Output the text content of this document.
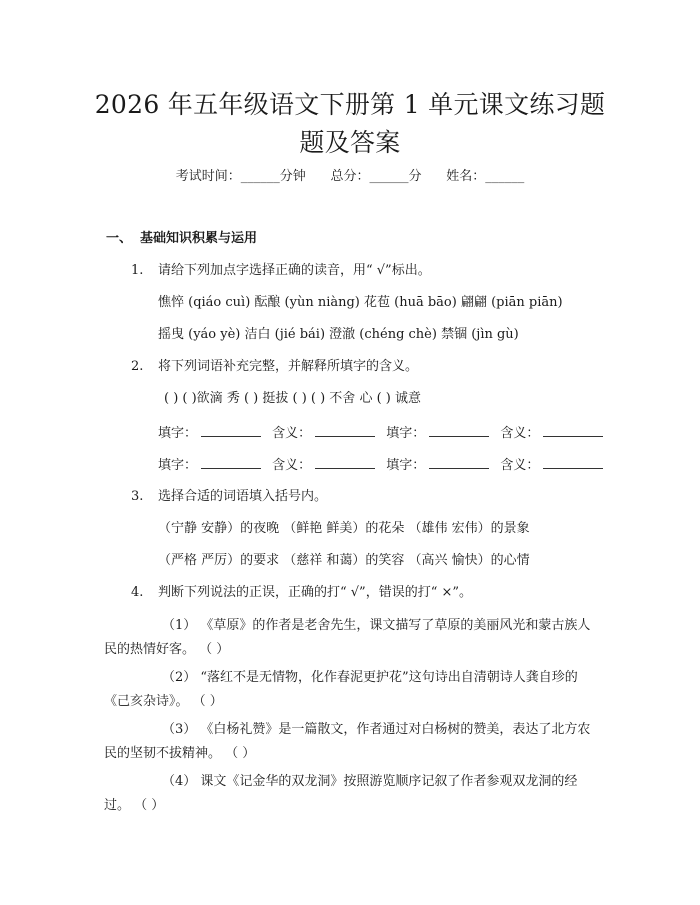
2026 年五年级语文下册第 1 单元课文练习题
题及答案
考试时间：______分钟      总分：______分      姓名：______
一、 基础知识积累与运用
1. 请给下列加点字选择正确的读音，用“ √”标出。
憔悴 (qiáo cuì) 酝酿 (yùn niàng) 花苞 (huā bāo) 翩翩 (piān piān)
摇曳 (yáo yè) 洁白 (jié bái) 澄澈 (chéng chè) 禁锢 (jìn gù)
2. 将下列词语补充完整，并解释所填字的含义。
( ) ( )欲滴 秀 ( ) 挺拔 ( ) ( ) 不舍 心 ( ) 诚意
填字：	含义：	填字：	含义：
填字：	含义：	填字：	含义：
3. 选择合适的词语填入括号内。
（宁静 安静）的夜晚 （鲜艳 鲜美）的花朵 （雄伟 宏伟）的景象
（严格 严厉）的要求 （慈祥 和蔼）的笑容 （高兴 愉快）的心情
4. 判断下列说法的正误，正确的打“ √”，错误的打“ ×”。
（1） 《草原》的作者是老舍先生，课文描写了草原的美丽风光和蒙古族人民的热情好客。 （ ）
（2） “落红不是无情物，化作春泥更护花”这句诗出自清朝诗人龚自珍的《己亥杂诗》。 （ ）
（3） 《白杨礼赞》是一篇散文，作者通过对白杨树的赞美，表达了北方农民的坚韧不拔精神。 （ ）
（4） 课文《记金华的双龙洞》按照游览顺序记叙了作者参观双龙洞的经过。 （ ）
